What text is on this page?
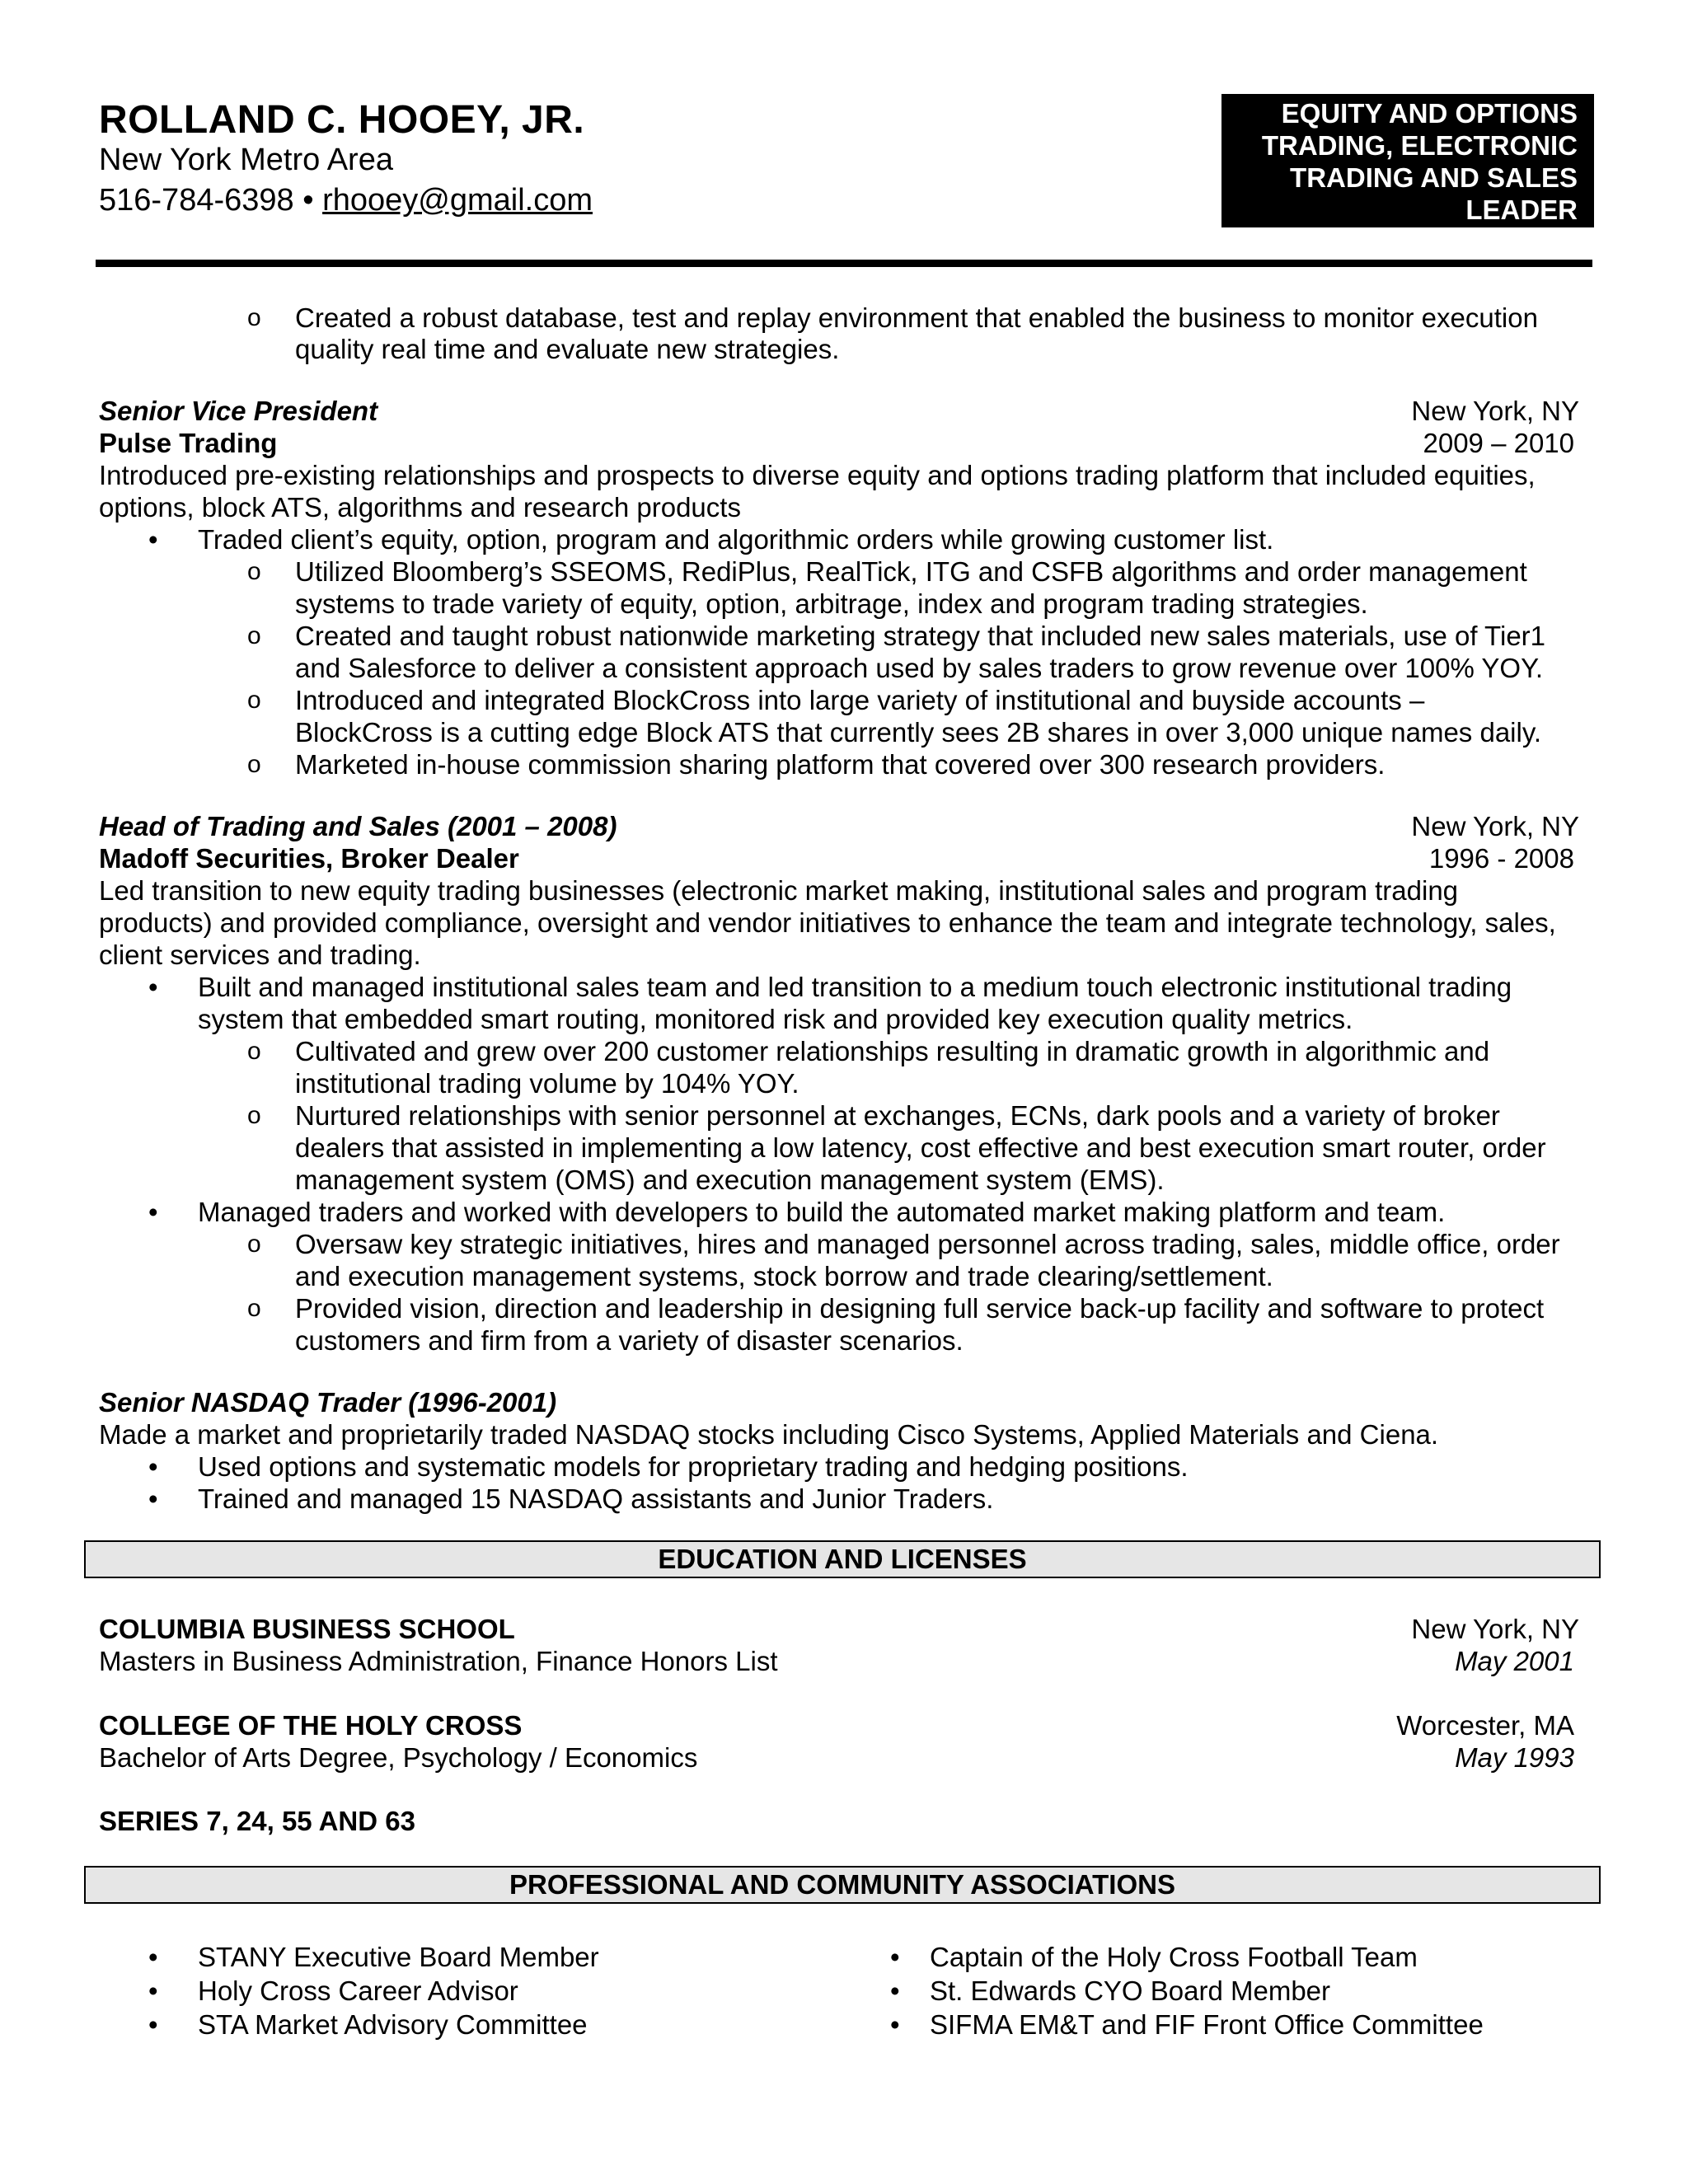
ROLLAND C. HOOEY, JR.
New York Metro Area
516-784-6398 • rhooey@gmail.com
EQUITY AND OPTIONS
TRADING, ELECTRONIC
TRADING AND SALES
LEADER
o Created a robust database, test and replay environment that enabled the business to monitor execution
quality real time and evaluate new strategies.
Senior Vice President	New York, NY
Pulse Trading	2009 – 2010
Introduced pre-existing relationships and prospects to diverse equity and options trading platform that included equities,
options, block ATS, algorithms and research products
• Traded client’s equity, option, program and algorithmic orders while growing customer list.
o Utilized Bloomberg’s SSEOMS, RediPlus, RealTick, ITG and CSFB algorithms and order management
systems to trade variety of equity, option, arbitrage, index and program trading strategies.
o Created and taught robust nationwide marketing strategy that included new sales materials, use of Tier1
and Salesforce to deliver a consistent approach used by sales traders to grow revenue over 100% YOY.
o Introduced and integrated BlockCross into large variety of institutional and buyside accounts –
BlockCross is a cutting edge Block ATS that currently sees 2B shares in over 3,000 unique names daily.
o Marketed in-house commission sharing platform that covered over 300 research providers.
Head of Trading and Sales (2001 – 2008)	New York, NY
Madoff Securities, Broker Dealer	1996 - 2008
Led transition to new equity trading businesses (electronic market making, institutional sales and program trading
products) and provided compliance, oversight and vendor initiatives to enhance the team and integrate technology, sales,
client services and trading.
• Built and managed institutional sales team and led transition to a medium touch electronic institutional trading
system that embedded smart routing, monitored risk and provided key execution quality metrics.
o Cultivated and grew over 200 customer relationships resulting in dramatic growth in algorithmic and
institutional trading volume by 104% YOY.
o Nurtured relationships with senior personnel at exchanges, ECNs, dark pools and a variety of broker
dealers that assisted in implementing a low latency, cost effective and best execution smart router, order
management system (OMS) and execution management system (EMS).
• Managed traders and worked with developers to build the automated market making platform and team.
o Oversaw key strategic initiatives, hires and managed personnel across trading, sales, middle office, order
and execution management systems, stock borrow and trade clearing/settlement.
o Provided vision, direction and leadership in designing full service back-up facility and software to protect
customers and firm from a variety of disaster scenarios.
Senior NASDAQ Trader (1996-2001)
Made a market and proprietarily traded NASDAQ stocks including Cisco Systems, Applied Materials and Ciena.
• Used options and systematic models for proprietary trading and hedging positions.
• Trained and managed 15 NASDAQ assistants and Junior Traders.
EDUCATION AND LICENSES
COLUMBIA BUSINESS SCHOOL	New York, NY
Masters in Business Administration, Finance Honors List	May 2001
COLLEGE OF THE HOLY CROSS	Worcester, MA
Bachelor of Arts Degree, Psychology / Economics	May 1993
SERIES 7, 24, 55 AND 63
PROFESSIONAL AND COMMUNITY ASSOCIATIONS
• STANY Executive Board Member
• Holy Cross Career Advisor
• STA Market Advisory Committee
• Captain of the Holy Cross Football Team
• St. Edwards CYO Board Member
• SIFMA EM&T and FIF Front Office Committee
